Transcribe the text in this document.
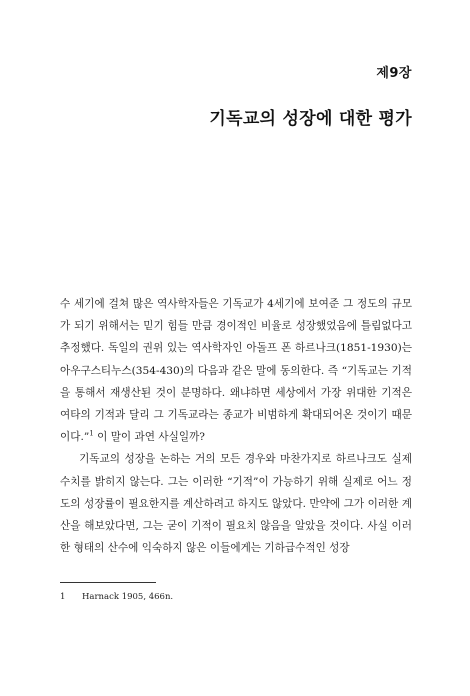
제9장
기독교의 성장에 대한 평가

수 세기에 걸쳐 많은 역사학자들은 기독교가 4세기에 보여준 그 정도의 규모가 되기 위해서는 믿기 힘들 만큼 경이적인 비율로 성장했었음에 틀림없다고 추정했다. 독일의 권위 있는 역사학자인 아돌프 폰 하르나크(1851-1930)는 아우구스티누스(354-430)의 다음과 같은 말에 동의한다. 즉 “기독교는 기적을 통해서 재생산된 것이 분명하다. 왜냐하면 세상에서 가장 위대한 기적은 여타의 기적과 달리 그 기독교라는 종교가 비범하게 확대되어온 것이기 때문이다.”$^1$ 이 말이 과연 사실일까?

기독교의 성장을 논하는 거의 모든 경우와 마찬가지로 하르나크도 실제 수치를 밝히지 않는다. 그는 이러한 “기적”이 가능하기 위해 실제로 어느 정도의 성장률이 필요한지를 계산하려고 하지도 않았다. 만약에 그가 이러한 계산을 해보았다면, 그는 굳이 기적이 필요치 않음을 알았을 것이다. 사실 이러한 형태의 산수에 익숙하지 않은 이들에게는 기하급수적인 성장

1 Harnack 1905, 466n.
